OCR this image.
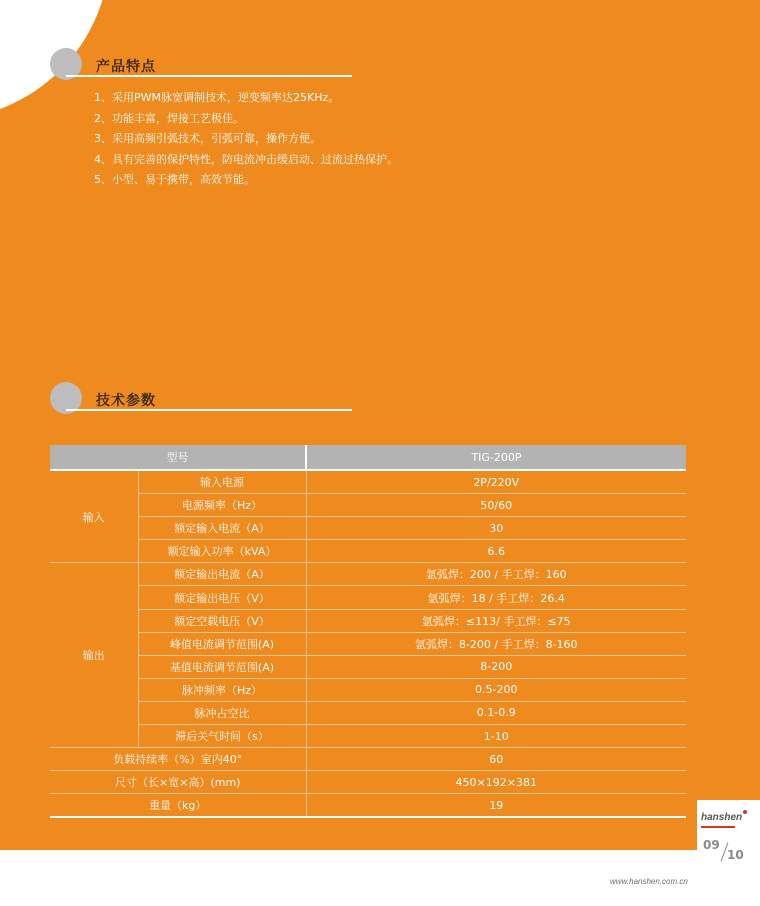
产品特点
1、采用PWM脉宽调制技术，逆变频率达25KHz。
2、功能丰富，焊接工艺极佳。
3、采用高频引弧技术，引弧可靠，操作方便。
4、具有完善的保护特性，防电流冲击缓启动、过流过热保护。
5、小型、易于携带，高效节能。
技术参数
型号		TIG-200P
输入	输入电源	2P/220V
	电源频率（Hz）	50/60
	额定输入电流（A）	30
	额定输入功率（kVA）	6.6
输出	额定输出电流（A）	氩弧焊：200 / 手工焊：160
	额定输出电压（V）	氩弧焊：18 / 手工焊：26.4
	额定空载电压（V）	氩弧焊：≤113/ 手工焊：≤75
	峰值电流调节范围(A)	氩弧焊：8-200 / 手工焊：8-160
	基值电流调节范围(A)	8-200
	脉冲频率（Hz）	0.5-200
	脉冲占空比	0.1-0.9
	滞后关气时间（s）	1-10
负载持续率（%）室内40°		60
尺寸（长×宽×高）(mm)		450×192×381
重量（kg）		19
hanshen
09
10
www.hanshen.com.cn
